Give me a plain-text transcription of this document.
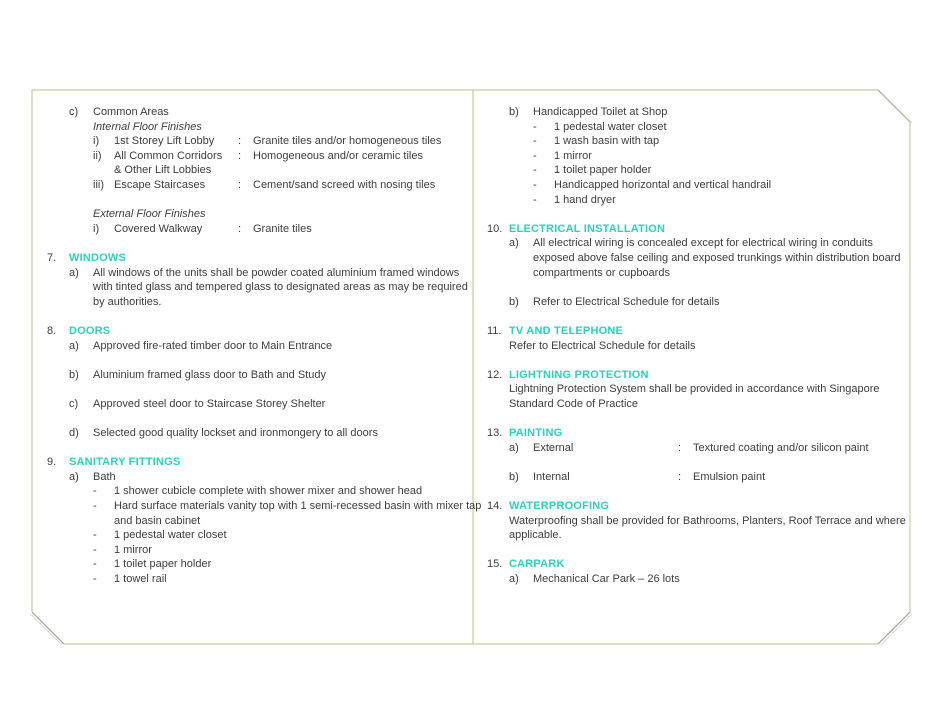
c) Common Areas
Internal Floor Finishes
i) 1st Storey Lift Lobby : Granite tiles and/or homogeneous tiles
ii) All Common Corridors : Homogeneous and/or ceramic tiles
& Other Lift Lobbies
iii) Escape Staircases	: Cement/sand screed with nosing tiles
External Floor Finishes
i) Covered Walkway	: Granite tiles
7. WINDOWS
a) All windows of the units shall be powder coated aluminium framed windows
with tinted glass and tempered glass to designated areas as may be required
by authorities.
8. DOORS
a) Approved fire-rated timber door to Main Entrance
b) Aluminium framed glass door to Bath and Study
c) Approved steel door to Staircase Storey Shelter
d) Selected good quality lockset and ironmongery to all doors
9. SANITARY FITTINGS
a) Bath
- 1 shower cubicle complete with shower mixer and shower head
- Hard surface materials vanity top with 1 semi-recessed basin with mixer tap
and basin cabinet
- 1 pedestal water closet
- 1 mirror
- 1 toilet paper holder
- 1 towel rail
b) Handicapped Toilet at Shop
- 1 pedestal water closet
- 1 wash basin with tap
- 1 mirror
- 1 toilet paper holder
- Handicapped horizontal and vertical handrail
- 1 hand dryer
10. ELECTRICAL INSTALLATION
a) All electrical wiring is concealed except for electrical wiring in conduits
exposed above false ceiling and exposed trunkings within distribution board
compartments or cupboards
b) Refer to Electrical Schedule for details
11. TV AND TELEPHONE
Refer to Electrical Schedule for details
12. LIGHTNING PROTECTION
Lightning Protection System shall be provided in accordance with Singapore
Standard Code of Practice
13. PAINTING
a) External	: Textured coating and/or silicon paint
b) Internal	: Emulsion paint
14. WATERPROOFING
Waterproofing shall be provided for Bathrooms, Planters, Roof Terrace and where
applicable.
15. CARPARK
a) Mechanical Car Park – 26 lots
